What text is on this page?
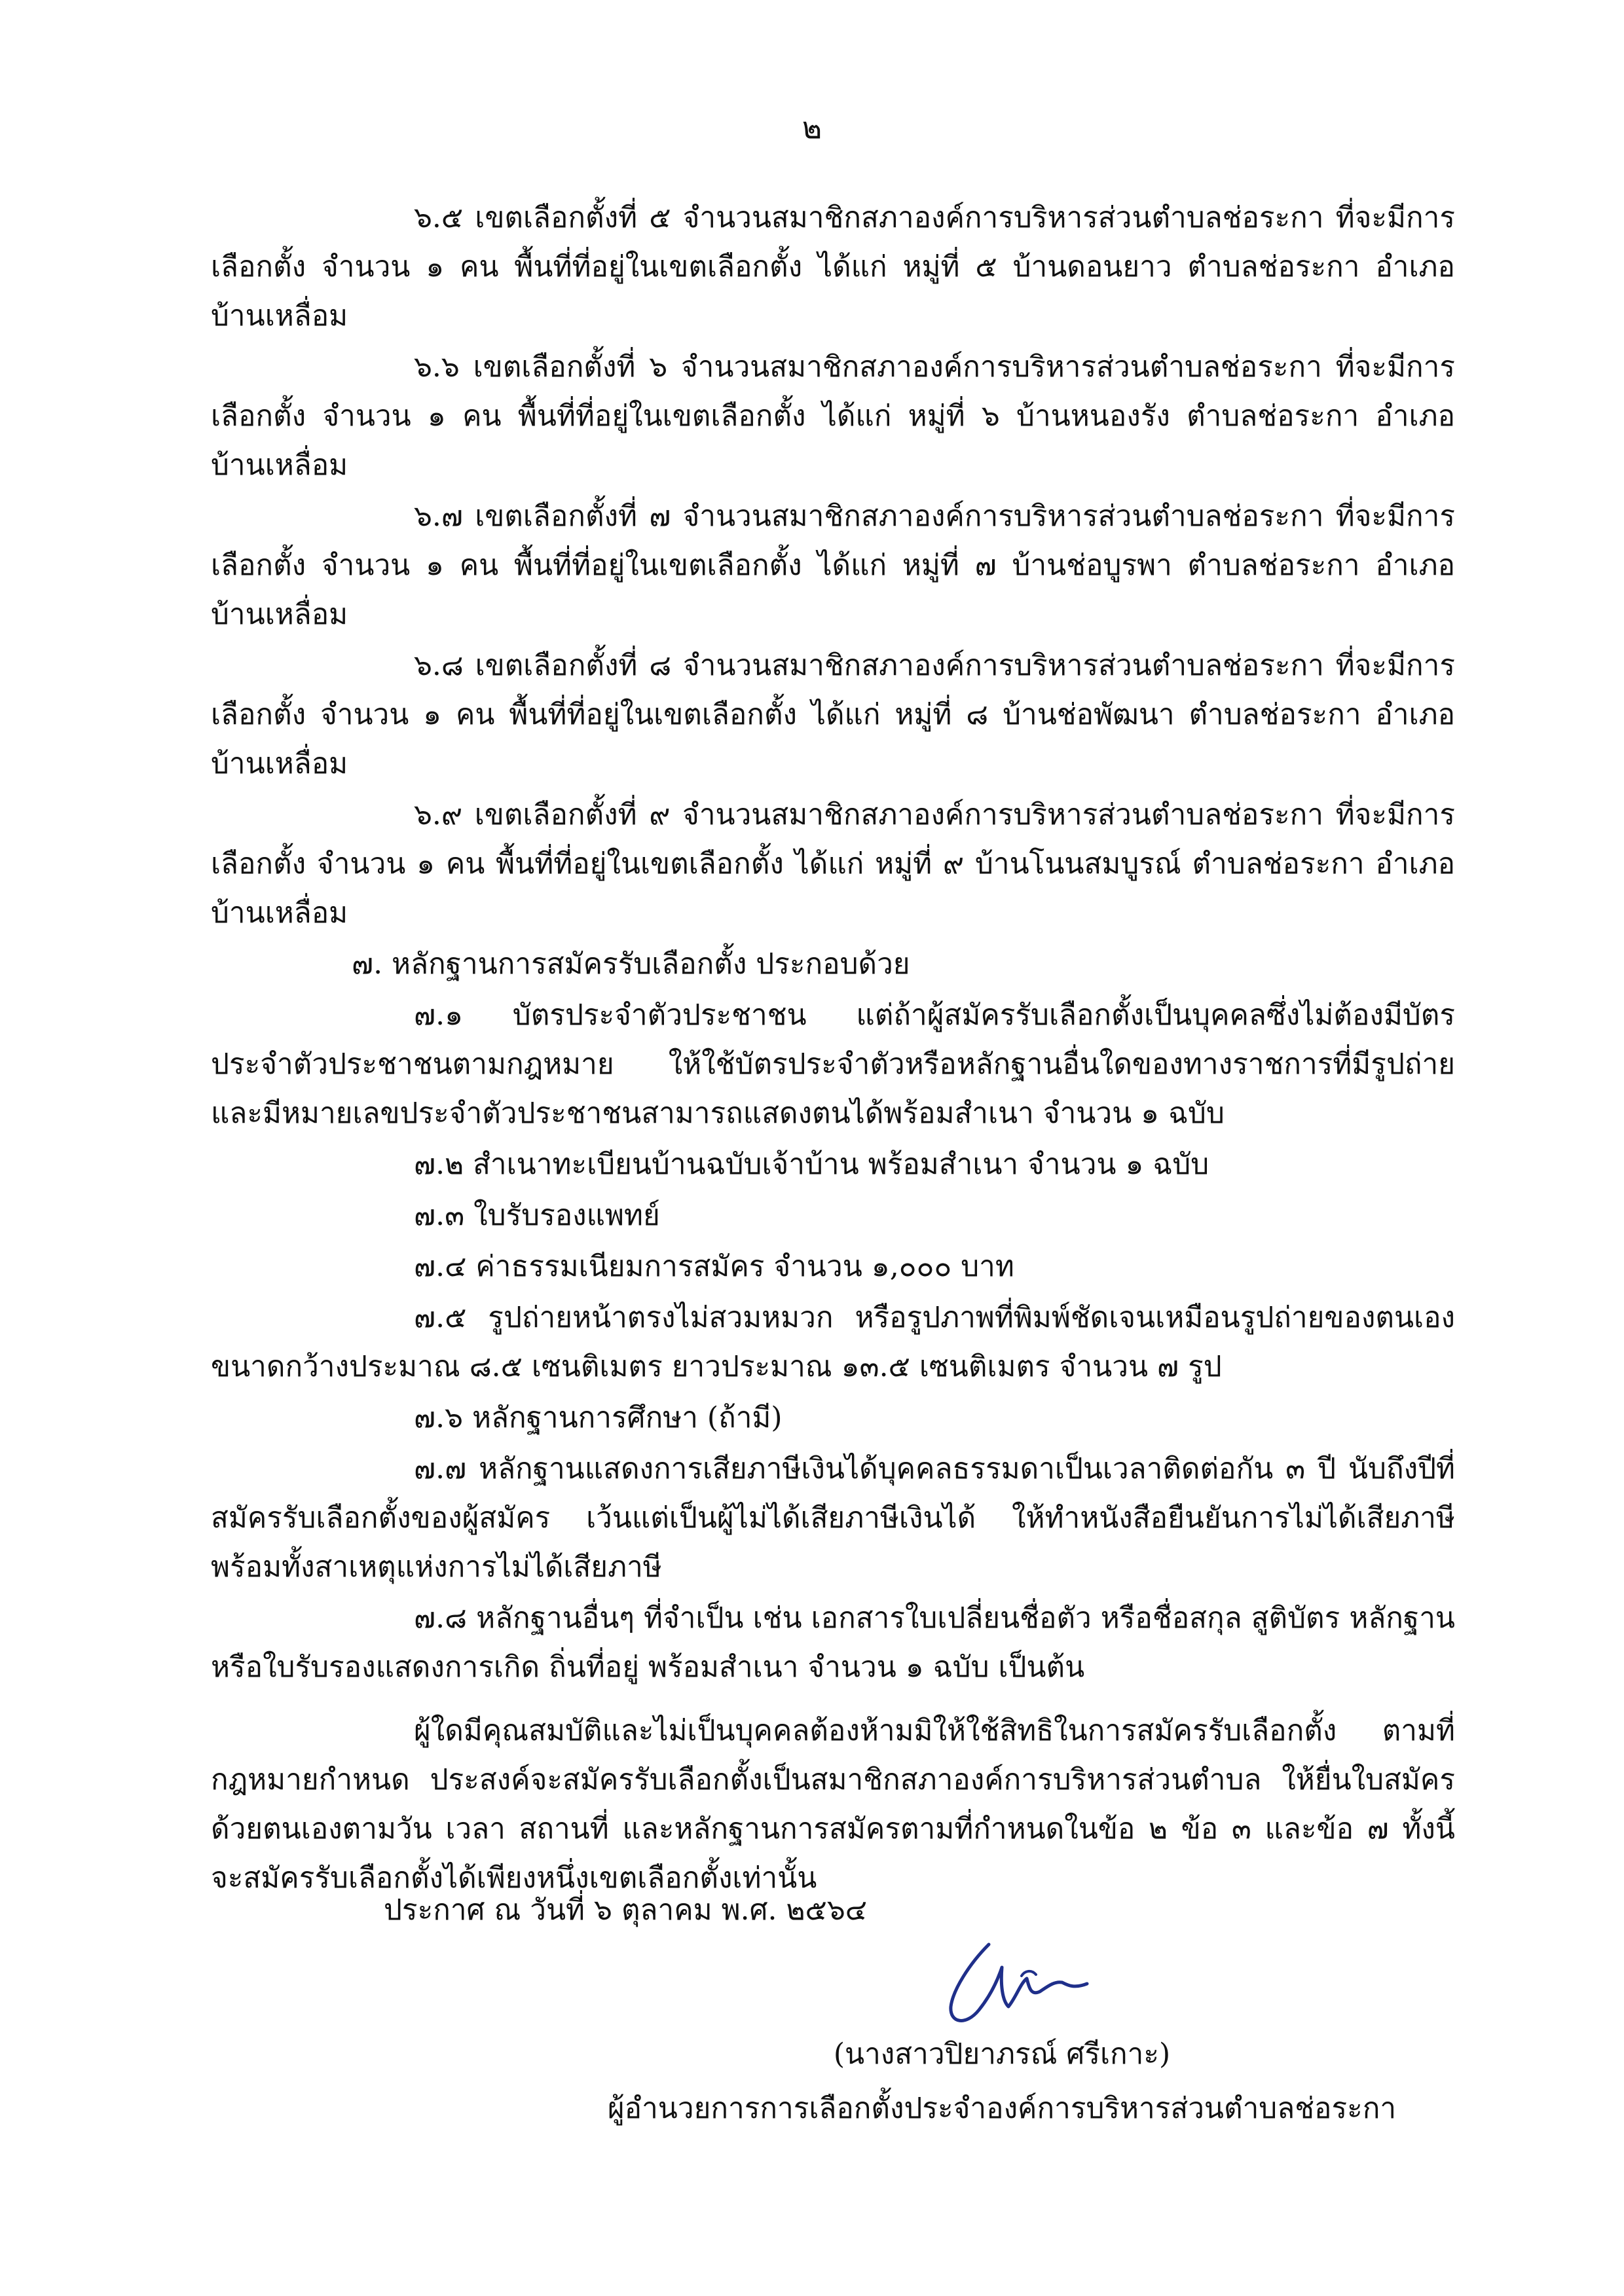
๒

๖.๕ เขตเลือกตั้งที่ ๕ จำนวนสมาชิกสภาองค์การบริหารส่วนตำบลช่อระกา ที่จะมีการเลือกตั้ง จำนวน ๑ คน พื้นที่ที่อยู่ในเขตเลือกตั้ง ได้แก่ หมู่ที่ ๕ บ้านดอนยาว ตำบลช่อระกา อำเภอบ้านเหลื่อม

๖.๖ เขตเลือกตั้งที่ ๖ จำนวนสมาชิกสภาองค์การบริหารส่วนตำบลช่อระกา ที่จะมีการเลือกตั้ง จำนวน ๑ คน พื้นที่ที่อยู่ในเขตเลือกตั้ง ได้แก่ หมู่ที่ ๖ บ้านหนองรัง ตำบลช่อระกา อำเภอบ้านเหลื่อม

๖.๗ เขตเลือกตั้งที่ ๗ จำนวนสมาชิกสภาองค์การบริหารส่วนตำบลช่อระกา ที่จะมีการเลือกตั้ง จำนวน ๑ คน พื้นที่ที่อยู่ในเขตเลือกตั้ง ได้แก่ หมู่ที่ ๗ บ้านช่อบูรพา ตำบลช่อระกา อำเภอบ้านเหลื่อม

๖.๘ เขตเลือกตั้งที่ ๘ จำนวนสมาชิกสภาองค์การบริหารส่วนตำบลช่อระกา ที่จะมีการเลือกตั้ง จำนวน ๑ คน พื้นที่ที่อยู่ในเขตเลือกตั้ง ได้แก่ หมู่ที่ ๘ บ้านช่อพัฒนา ตำบลช่อระกา อำเภอบ้านเหลื่อม

๖.๙ เขตเลือกตั้งที่ ๙ จำนวนสมาชิกสภาองค์การบริหารส่วนตำบลช่อระกา ที่จะมีการเลือกตั้ง จำนวน ๑ คน พื้นที่ที่อยู่ในเขตเลือกตั้ง ได้แก่ หมู่ที่ ๙ บ้านโนนสมบูรณ์ ตำบลช่อระกา อำเภอบ้านเหลื่อม

๗. หลักฐานการสมัครรับเลือกตั้ง ประกอบด้วย

๗.๑ บัตรประจำตัวประชาชน แต่ถ้าผู้สมัครรับเลือกตั้งเป็นบุคคลซึ่งไม่ต้องมีบัตรประจำตัวประชาชนตามกฎหมาย ให้ใช้บัตรประจำตัวหรือหลักฐานอื่นใดของทางราชการที่มีรูปถ่าย และมีหมายเลขประจำตัวประชาชนสามารถแสดงตนได้พร้อมสำเนา จำนวน ๑ ฉบับ

๗.๒ สำเนาทะเบียนบ้านฉบับเจ้าบ้าน พร้อมสำเนา จำนวน ๑ ฉบับ

๗.๓ ใบรับรองแพทย์

๗.๔ ค่าธรรมเนียมการสมัคร จำนวน ๑,๐๐๐ บาท

๗.๕ รูปถ่ายหน้าตรงไม่สวมหมวก หรือรูปภาพที่พิมพ์ชัดเจนเหมือนรูปถ่ายของตนเองขนาดกว้างประมาณ ๘.๕ เซนติเมตร ยาวประมาณ ๑๓.๕ เซนติเมตร จำนวน ๗ รูป

๗.๖ หลักฐานการศึกษา (ถ้ามี)

๗.๗ หลักฐานแสดงการเสียภาษีเงินได้บุคคลธรรมดาเป็นเวลาติดต่อกัน ๓ ปี นับถึงปีที่สมัครรับเลือกตั้งของผู้สมัคร เว้นแต่เป็นผู้ไม่ได้เสียภาษีเงินได้ ให้ทำหนังสือยืนยันการไม่ได้เสียภาษีพร้อมทั้งสาเหตุแห่งการไม่ได้เสียภาษี

๗.๘ หลักฐานอื่นๆ ที่จำเป็น เช่น เอกสารใบเปลี่ยนชื่อตัว หรือชื่อสกุล สูติบัตร หลักฐานหรือใบรับรองแสดงการเกิด ถิ่นที่อยู่ พร้อมสำเนา จำนวน ๑ ฉบับ เป็นต้น

ผู้ใดมีคุณสมบัติและไม่เป็นบุคคลต้องห้ามมิให้ใช้สิทธิในการสมัครรับเลือกตั้ง ตามที่กฎหมายกำหนด ประสงค์จะสมัครรับเลือกตั้งเป็นสมาชิกสภาองค์การบริหารส่วนตำบล ให้ยื่นใบสมัครด้วยตนเองตามวัน เวลา สถานที่ และหลักฐานการสมัครตามที่กำหนดในข้อ ๒ ข้อ ๓ และข้อ ๗ ทั้งนี้ จะสมัครรับเลือกตั้งได้เพียงหนึ่งเขตเลือกตั้งเท่านั้น

ประกาศ ณ วันที่ ๖ ตุลาคม พ.ศ. ๒๕๖๔
(นางสาวปิยาภรณ์ ศรีเกาะ)
ผู้อำนวยการการเลือกตั้งประจำองค์การบริหารส่วนตำบลช่อระกา
